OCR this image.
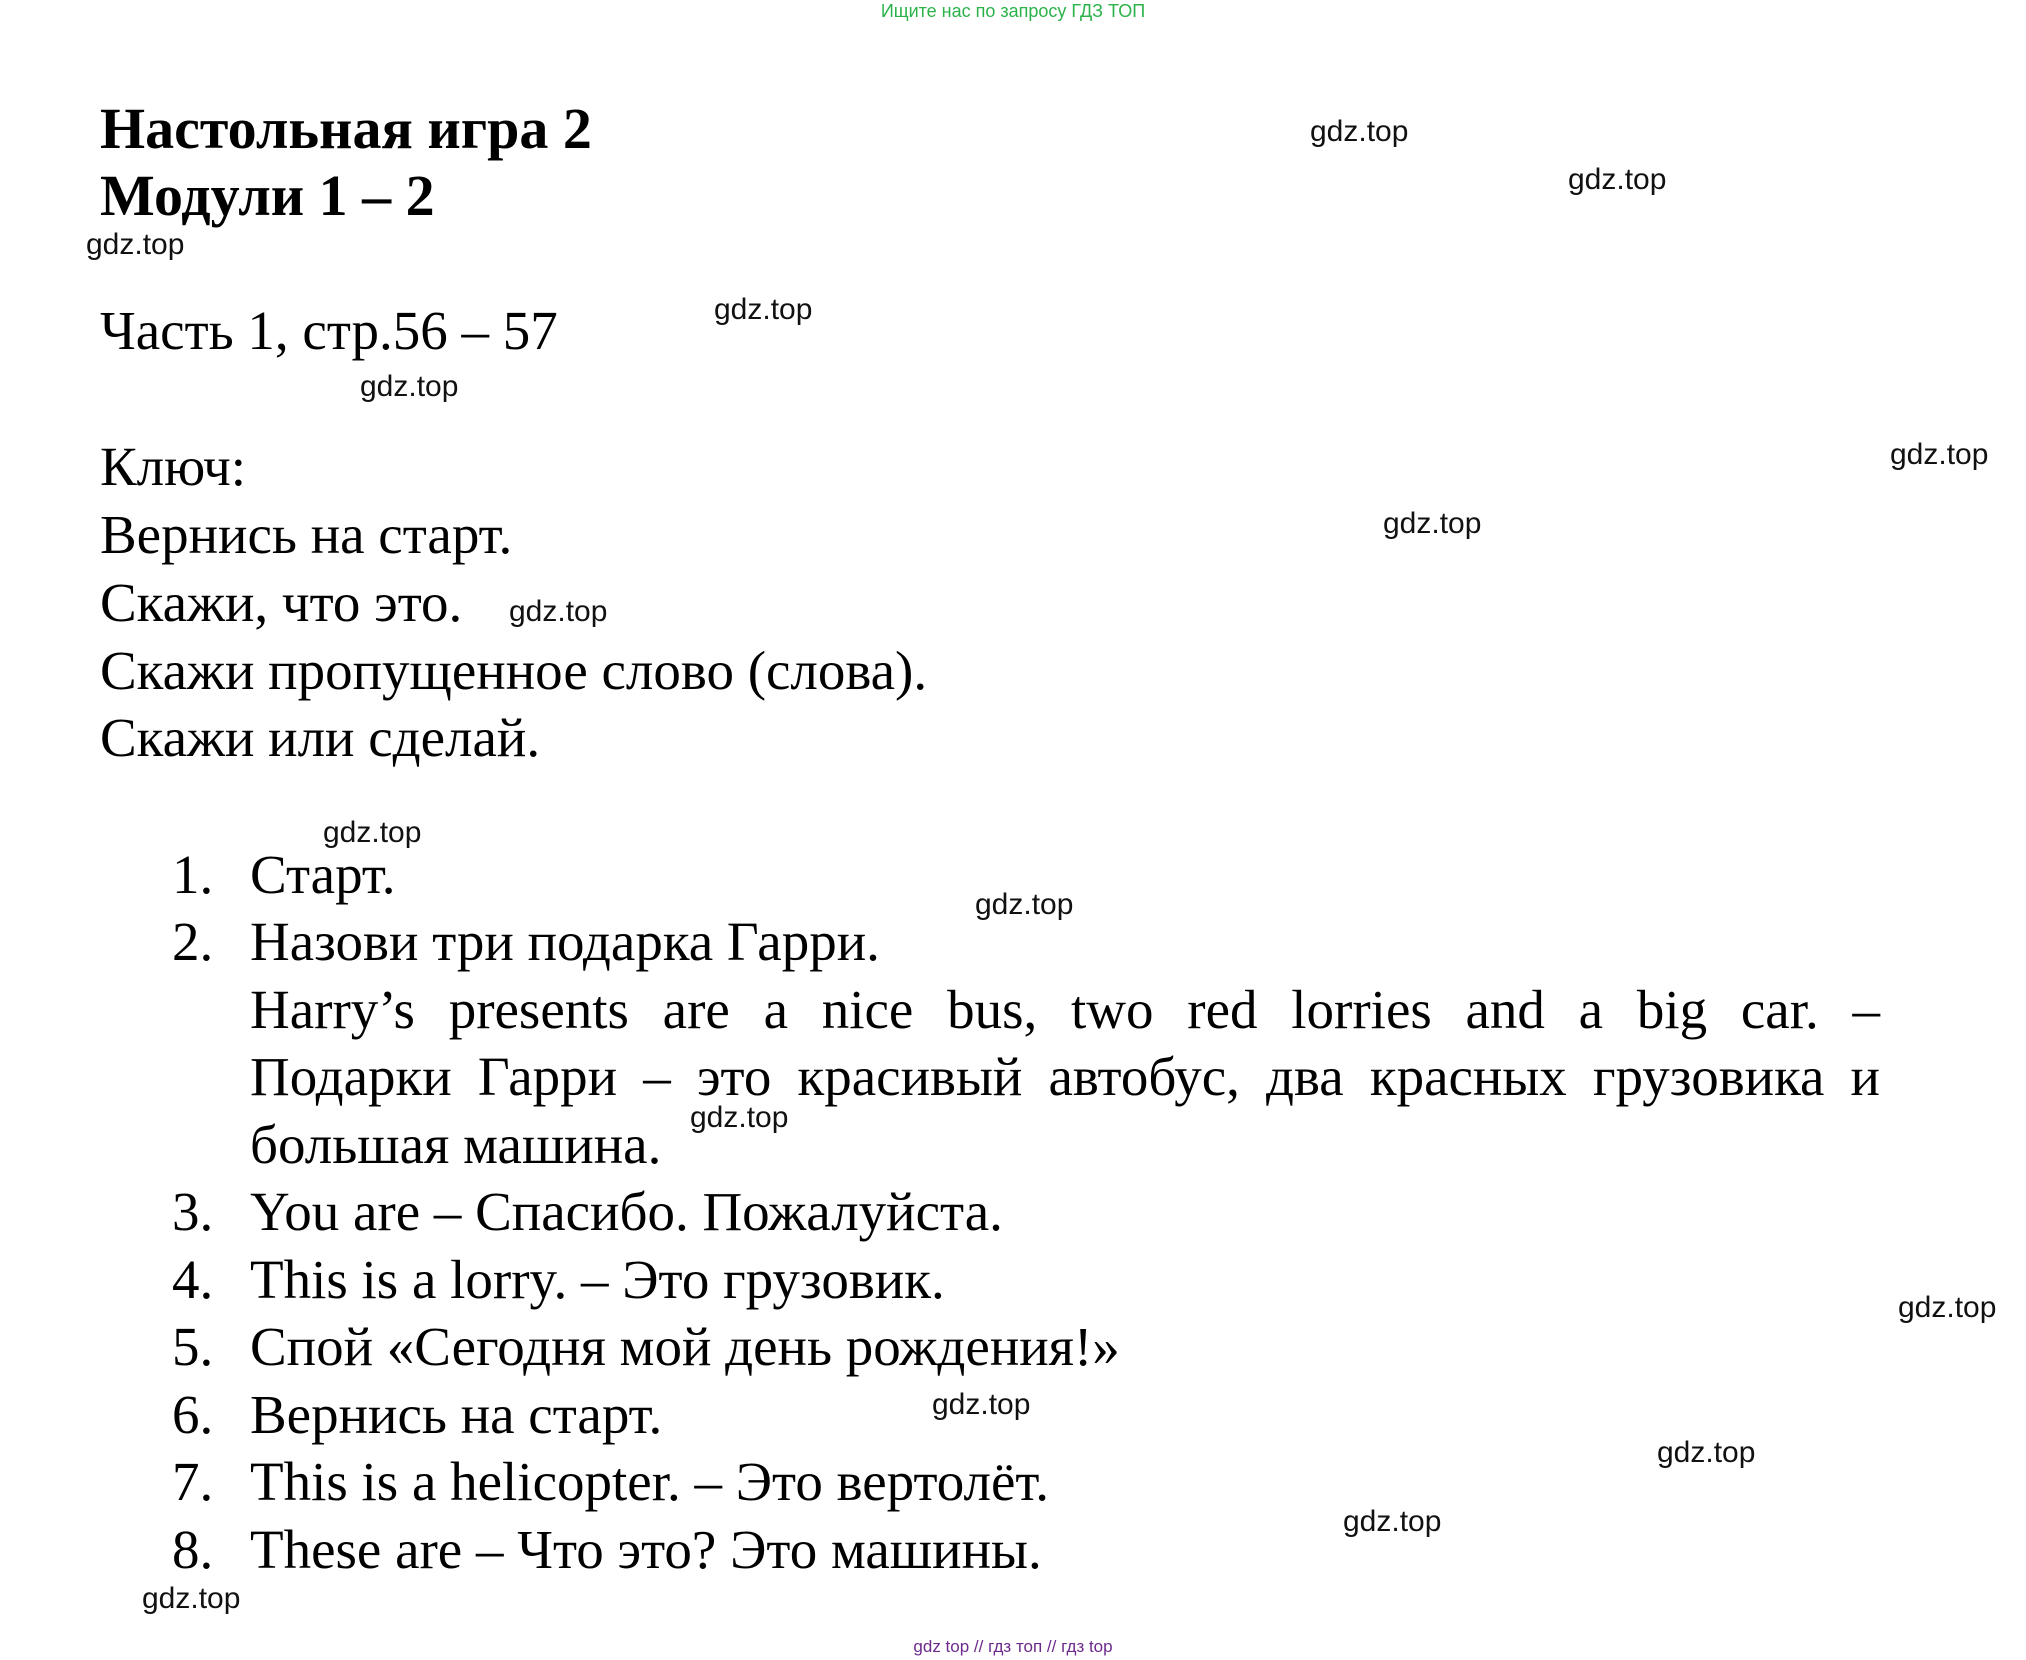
Ищите нас по запросу ГДЗ ТОП
Настольная игра 2
Модули 1 – 2
Часть 1, стр.56 – 57
Ключ:
Вернись на старт.
Скажи, что это.
Скажи пропущенное слово (слова).
Скажи или сделай.
1. Старт.
2. Назови три подарка Гарри.
Harry’s presents are a nice bus, two red lorries and a big car. –
Подарки Гарри – это красивый автобус, два красных грузовика и
большая машина.
3. You are – Спасибо. Пожалуйста.
4. This is a lorry. – Это грузовик.
5. Спой «Сегодня мой день рождения!»
6. Вернись на старт.
7. This is a helicopter. – Это вертолёт.
8. These are – Что это? Это машины.
gdz.top
gdz.top
gdz.top
gdz.top
gdz.top
gdz.top
gdz.top
gdz.top
gdz.top
gdz.top
gdz.top
gdz.top
gdz.top
gdz.top
gdz.top
gdz.top
gdz top // гдз топ // гдз top
